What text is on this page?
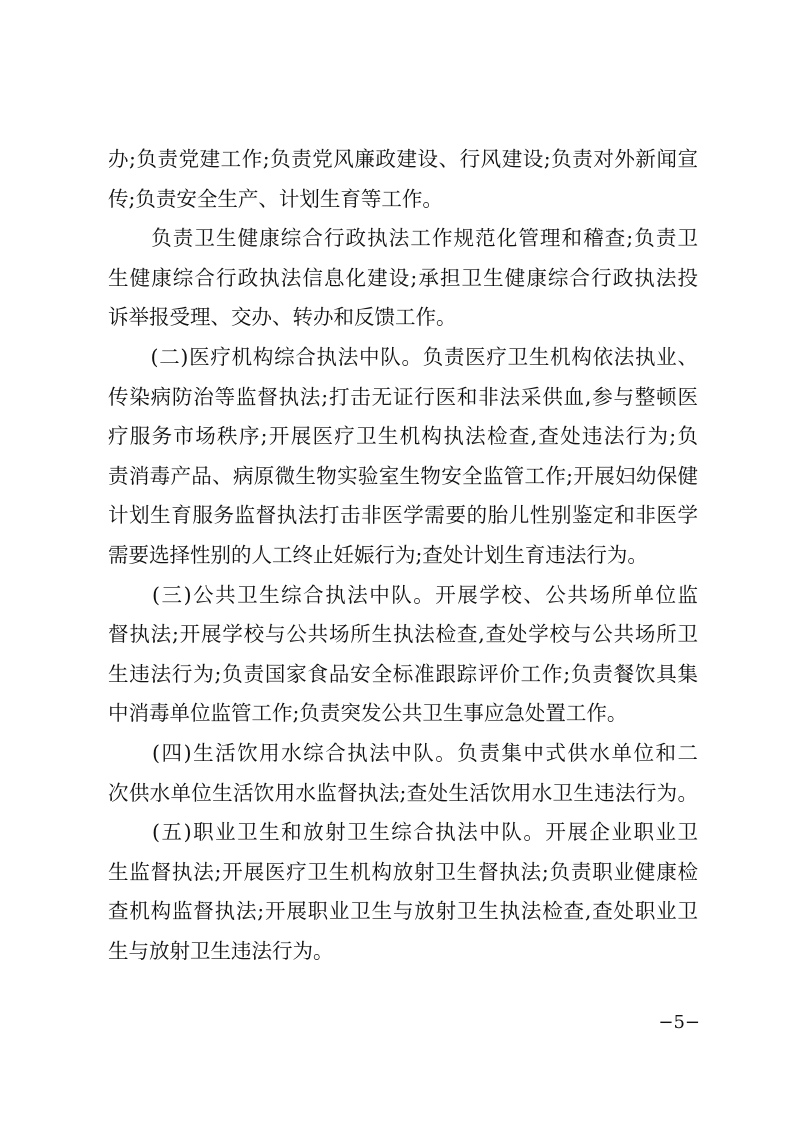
办;负责党建工作;负责党风廉政建设、行风建设;负责对外新闻宣
传;负责安全生产、计划生育等工作。
　　负责卫生健康综合行政执法工作规范化管理和稽查;负责卫
生健康综合行政执法信息化建设;承担卫生健康综合行政执法投
诉举报受理、交办、转办和反馈工作。
　　(二)医疗机构综合执法中队。负责医疗卫生机构依法执业、
传染病防治等监督执法;打击无证行医和非法采供血,参与整顿医
疗服务市场秩序;开展医疗卫生机构执法检查,查处违法行为;负
责消毒产品、病原微生物实验室生物安全监管工作;开展妇幼保健
计划生育服务监督执法打击非医学需要的胎儿性别鉴定和非医学
需要选择性别的人工终止妊娠行为;查处计划生育违法行为。
　　(三)公共卫生综合执法中队。开展学校、公共场所单位监
督执法;开展学校与公共场所生执法检查,查处学校与公共场所卫
生违法行为;负责国家食品安全标准跟踪评价工作;负责餐饮具集
中消毒单位监管工作;负责突发公共卫生事应急处置工作。
　　(四)生活饮用水综合执法中队。负责集中式供水单位和二
次供水单位生活饮用水监督执法;查处生活饮用水卫生违法行为。
　　(五)职业卫生和放射卫生综合执法中队。开展企业职业卫
生监督执法;开展医疗卫生机构放射卫生督执法;负责职业健康检
查机构监督执法;开展职业卫生与放射卫生执法检查,查处职业卫
生与放射卫生违法行为。
−5−
